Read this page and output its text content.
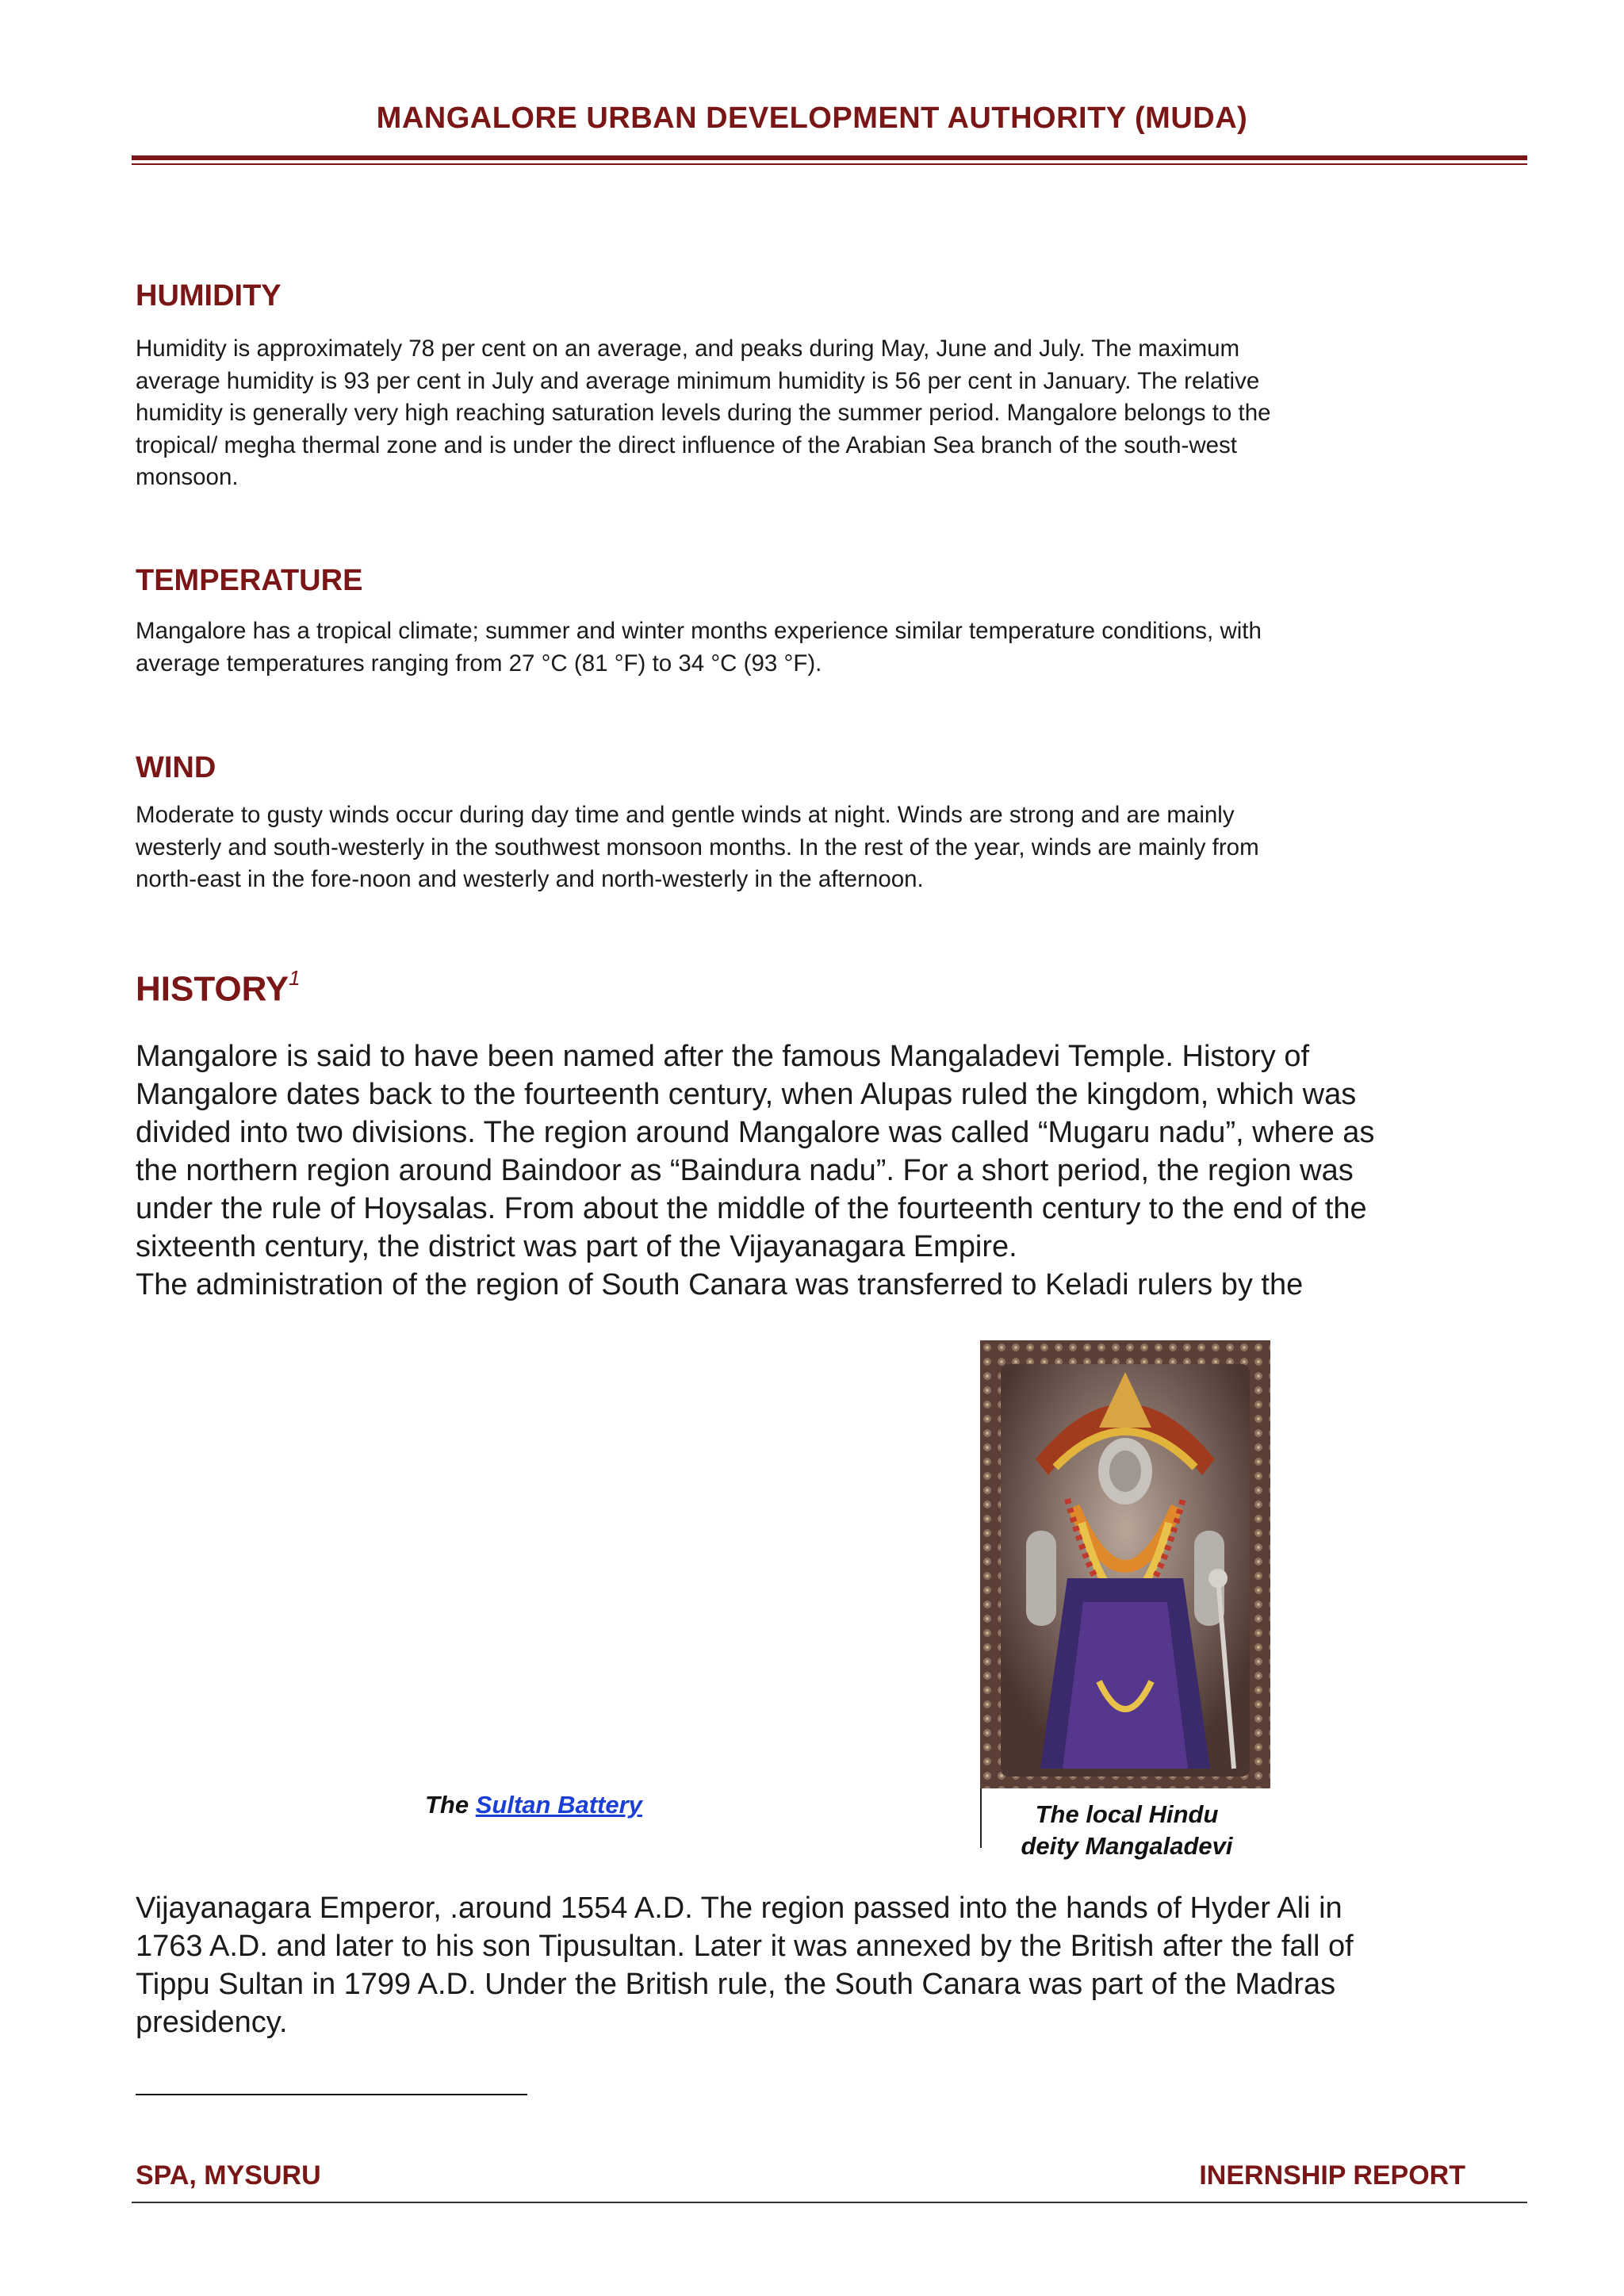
MANGALORE URBAN DEVELOPMENT AUTHORITY (MUDA)
HUMIDITY
Humidity is approximately 78 per cent on an average, and peaks during May, June and July. The maximum
average humidity is 93 per cent in July and average minimum humidity is 56 per cent in January. The relative
humidity is generally very high reaching saturation levels during the summer period. Mangalore belongs to the
tropical/ megha thermal zone and is under the direct influence of the Arabian Sea branch of the south-west
monsoon.
TEMPERATURE
Mangalore has a tropical climate; summer and winter months experience similar temperature conditions, with
average temperatures ranging from 27 °C (81 °F) to 34 °C (93 °F).
WIND
Moderate to gusty winds occur during day time and gentle winds at night. Winds are strong and are mainly
westerly and south-westerly in the southwest monsoon months. In the rest of the year, winds are mainly from
north-east in the fore-noon and westerly and north-westerly in the afternoon.
HISTORY$^1$
Mangalore is said to have been named after the famous Mangaladevi Temple. History of
Mangalore dates back to the fourteenth century, when Alupas ruled the kingdom, which was
divided into two divisions. The region around Mangalore was called “Mugaru nadu”, where as
the northern region around Baindoor as “Baindura nadu”. For a short period, the region was
under the rule of Hoysalas. From about the middle of the fourteenth century to the end of the
sixteenth century, the district was part of the Vijayanagara Empire.
The administration of the region of South Canara was transferred to Keladi rulers by the
The Sultan Battery	The local Hindu
deity Mangaladevi
Vijayanagara Emperor, .around 1554 A.D. The region passed into the hands of Hyder Ali in
1763 A.D. and later to his son Tipusultan. Later it was annexed by the British after the fall of
Tippu Sultan in 1799 A.D. Under the British rule, the South Canara was part of the Madras
presidency.
SPA, MYSURU	INERNSHIP REPORT
